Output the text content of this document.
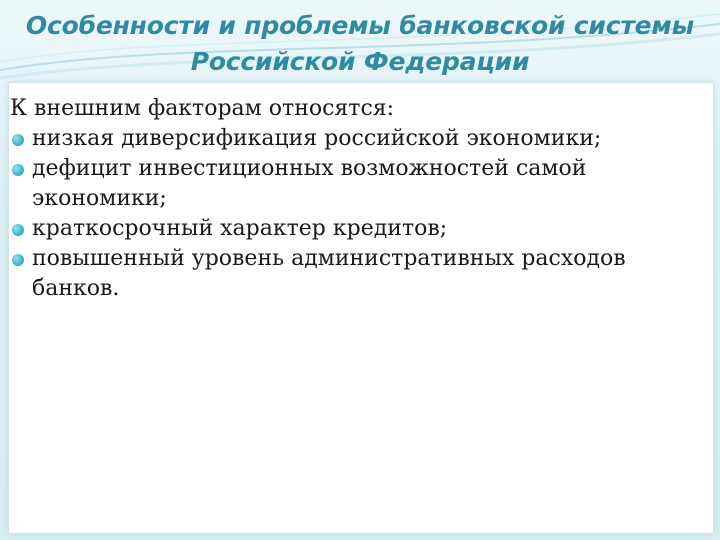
Особенности и проблемы банковской системы
Российской Федерации
К внешним факторам относятся:
низкая диверсификация российской экономики;
дефицит инвестиционных возможностей самой экономики;
краткосрочный характер кредитов;
повышенный уровень административных расходов банков.
